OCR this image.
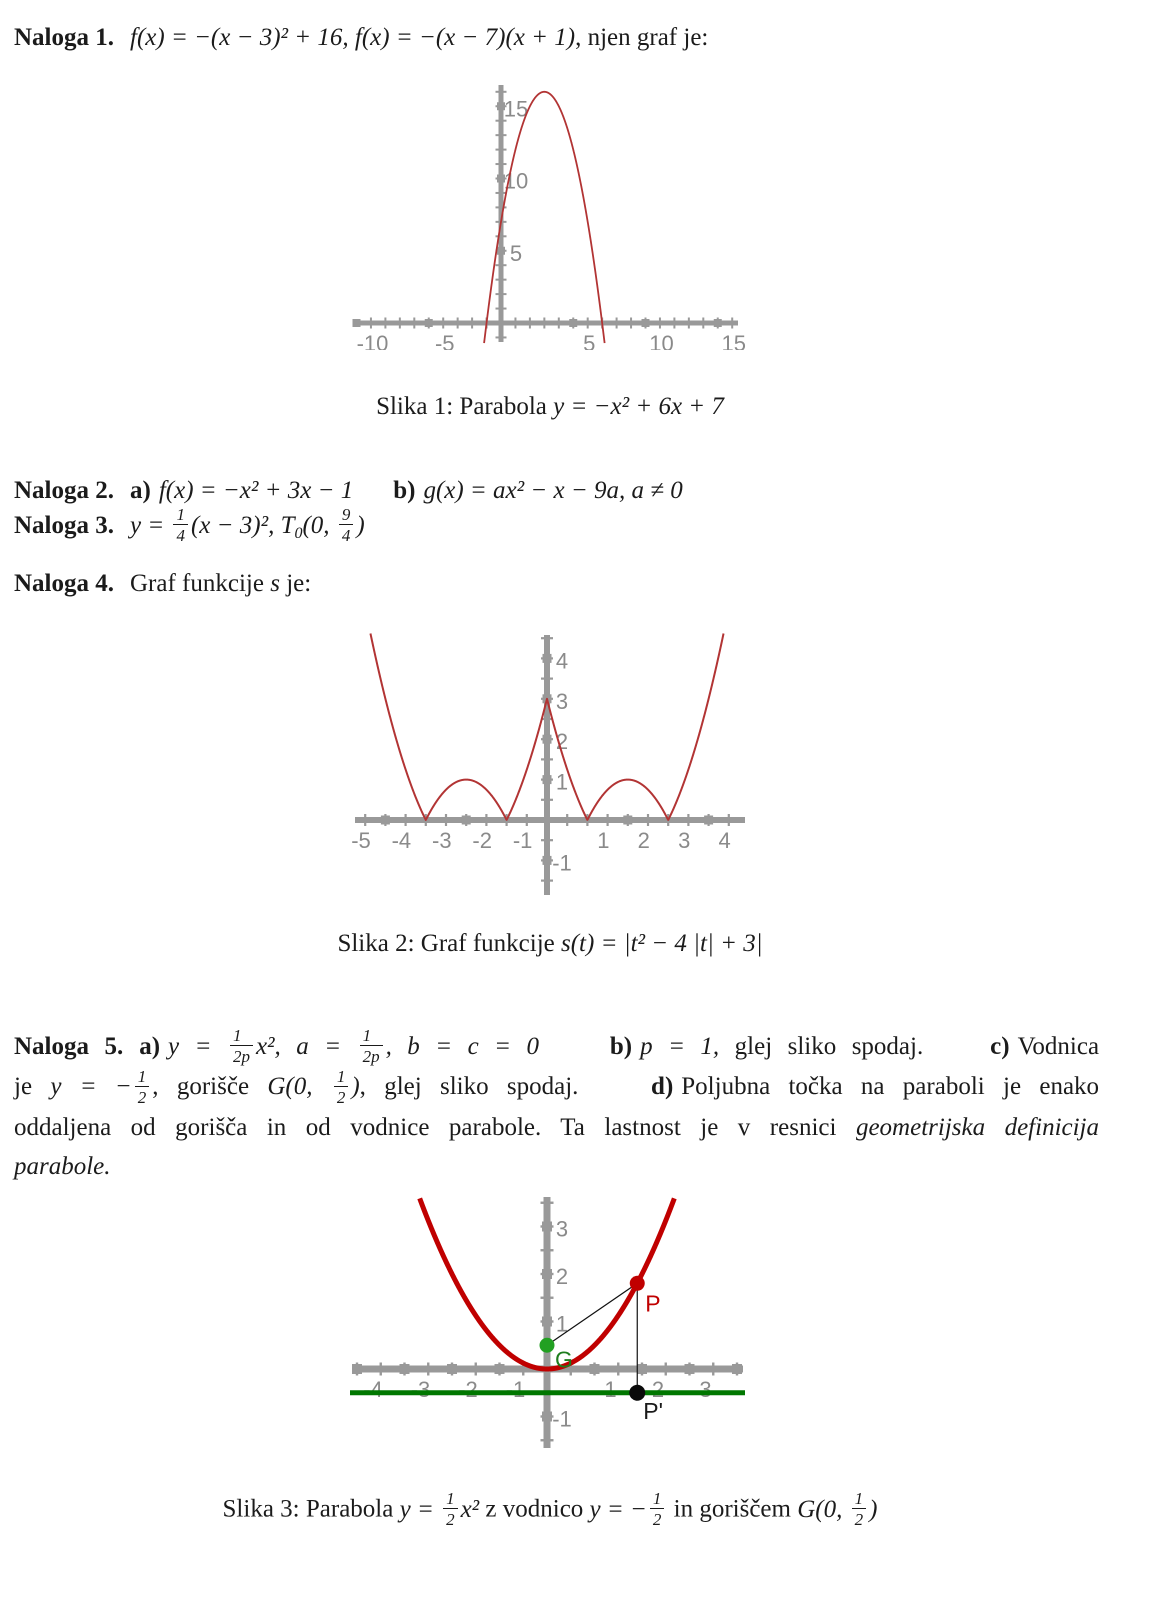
Naloga 1. f(x) = −(x − 3)² + 16, f(x) = −(x − 7)(x + 1), njen graf je:
-10 -5	5 10 15
5
10
15
Slika 1: Parabola y = −x² + 6x + 7
Naloga 2. a) f(x) = −x² + 3x − 1 b) g(x) = ax² − x − 9a, a ≠ 0
Naloga 3. $y = \frac{1}{4} (x - 3)^2$, $T_0(0$, $\frac{9}{4}$ )
Naloga 4. Graf funkcije s je:
-5 -4 -3 -2 -1	1 2 3 4
-1
1
2
3
4
Slika 2: Graf funkcije s(t) = |t² − 4 |t| + 3|
Naloga 5. a) $y = \frac{1}{2p} x^2$, $a = \frac{1}{2p}$ , b = c = 0	b) p = 1, glej sliko spodaj.	c) Vodnica
je y = − $\frac{1}{2}$ , gorišče G(0, $\frac{1}{2}$ ), glej sliko spodaj.	d) Poljubna točka na paraboli je enako
oddaljena od gorišča in od vodnice parabole. Ta lastnost je v resnici geometrijska definicija
parabole.
-4 -3 -2 -1	1 2 3
-1
1
2
3
G
P
P'
Slika 3: Parabola $y = \frac{1}{2} x^2$ z vodnico y = − $\frac{1}{2}$ in goriščem G(0, $\frac{1}{2}$ )
